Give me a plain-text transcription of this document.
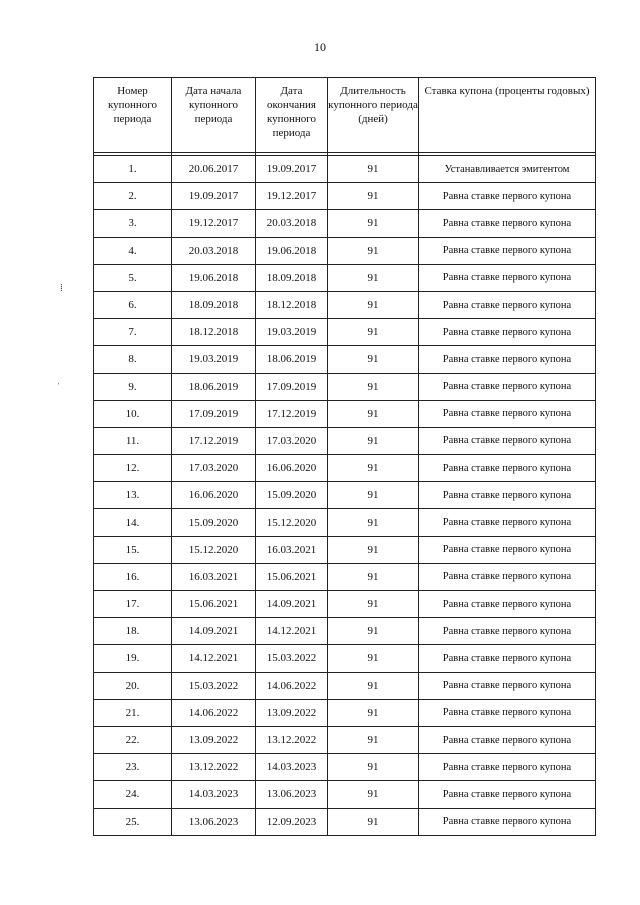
10
Номер купонного периода	Дата начала купонного периода	Дата окончания купонного периода	Длительность купонного периода (дней)	Ставка купона (проценты годовых)

1.	20.06.2017	19.09.2017	91	Устанавливается эмитентом
2.	19.09.2017	19.12.2017	91	Равна ставке первого купона
3.	19.12.2017	20.03.2018	91	Равна ставке первого купона
4.	20.03.2018	19.06.2018	91	Равна ставке первого купона
5.	19.06.2018	18.09.2018	91	Равна ставке первого купона
6.	18.09.2018	18.12.2018	91	Равна ставке первого купона
7.	18.12.2018	19.03.2019	91	Равна ставке первого купона
8.	19.03.2019	18.06.2019	91	Равна ставке первого купона
9.	18.06.2019	17.09.2019	91	Равна ставке первого купона
10.	17.09.2019	17.12.2019	91	Равна ставке первого купона
11.	17.12.2019	17.03.2020	91	Равна ставке первого купона
12.	17.03.2020	16.06.2020	91	Равна ставке первого купона
13.	16.06.2020	15.09.2020	91	Равна ставке первого купона
14.	15.09.2020	15.12.2020	91	Равна ставке первого купона
15.	15.12.2020	16.03.2021	91	Равна ставке первого купона
16.	16.03.2021	15.06.2021	91	Равна ставке первого купона
17.	15.06.2021	14.09.2021	91	Равна ставке первого купона
18.	14.09.2021	14.12.2021	91	Равна ставке первого купона
19.	14.12.2021	15.03.2022	91	Равна ставке первого купона
20.	15.03.2022	14.06.2022	91	Равна ставке первого купона
21.	14.06.2022	13.09.2022	91	Равна ставке первого купона
22.	13.09.2022	13.12.2022	91	Равна ставке первого купона
23.	13.12.2022	14.03.2023	91	Равна ставке первого купона
24.	14.03.2023	13.06.2023	91	Равна ставке первого купона
25.	13.06.2023	12.09.2023	91	Равна ставке первого купона
⁞
ˌ
